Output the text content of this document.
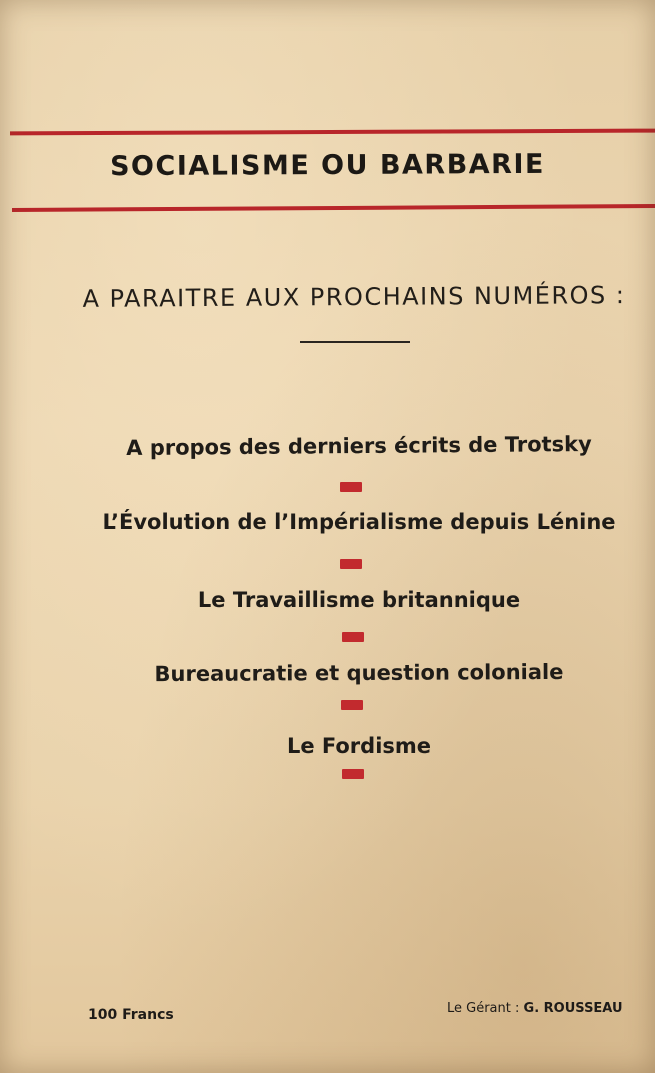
SOCIALISME OU BARBARIE
A PARAITRE AUX PROCHAINS NUMÉROS :
A propos des derniers écrits de Trotsky
L’Évolution de l’Impérialisme depuis Lénine
Le Travaillisme britannique
Bureaucratie et question coloniale
Le Fordisme
100 Francs	Le Gérant : G. ROUSSEAU
